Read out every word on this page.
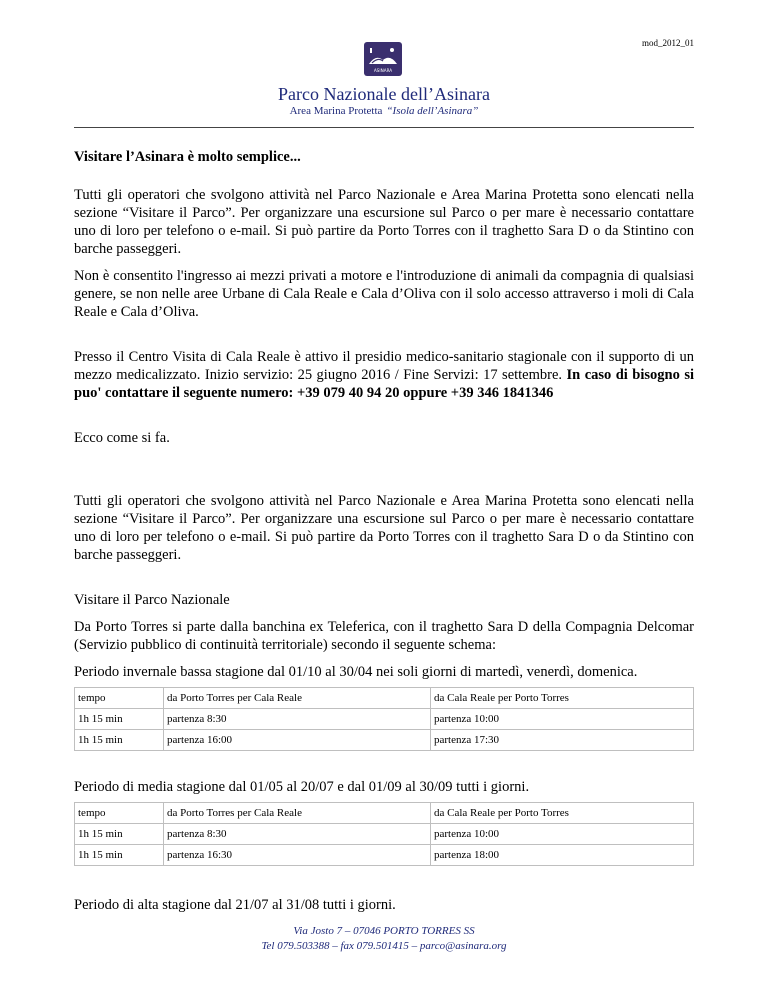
mod_2012_01
ASINARA
Parco Nazionale dell’Asinara
Area Marina Protetta “Isola dell’Asinara”

Visitare l’Asinara è molto semplice...

Tutti gli operatori che svolgono attività nel Parco Nazionale e Area Marina Protetta sono elencati nella sezione “Visitare il Parco”. Per organizzare una escursione sul Parco o per mare è necessario contattare uno di loro per telefono o e-mail. Si può partire da Porto Torres con il traghetto Sara D o da Stintino con barche passeggeri.

Non è consentito l'ingresso ai mezzi privati a motore e l'introduzione di animali da compagnia di qualsiasi genere, se non nelle aree Urbane di Cala Reale e Cala d’Oliva con il solo accesso attraverso i moli di Cala Reale e Cala d’Oliva.

Presso il Centro Visita di Cala Reale è attivo il presidio medico-sanitario stagionale con il supporto di un mezzo medicalizzato. Inizio servizio: 25 giugno 2016 / Fine Servizi: 17 settembre. In caso di bisogno si puo' contattare il seguente numero: +39 079 40 94 20 oppure +39 346 1841346

Ecco come si fa.

Tutti gli operatori che svolgono attività nel Parco Nazionale e Area Marina Protetta sono elencati nella sezione “Visitare il Parco”. Per organizzare una escursione sul Parco o per mare è necessario contattare uno di loro per telefono o e-mail. Si può partire da Porto Torres con il traghetto Sara D o da Stintino con barche passeggeri.

Visitare il Parco Nazionale

Da Porto Torres si parte dalla banchina ex Teleferica, con il traghetto Sara D della Compagnia Delcomar (Servizio pubblico di continuità territoriale) secondo il seguente schema:

Periodo invernale bassa stagione dal 01/10 al 30/04 nei soli giorni di martedì, venerdì, domenica.

tempo	da Porto Torres per Cala Reale	da Cala Reale per Porto Torres
1h 15 min	partenza 8:30	partenza 10:00
1h 15 min	partenza 16:00	partenza 17:30

Periodo di media stagione dal 01/05 al 20/07 e dal 01/09 al 30/09 tutti i giorni.

tempo	da Porto Torres per Cala Reale	da Cala Reale per Porto Torres
1h 15 min	partenza 8:30	partenza 10:00
1h 15 min	partenza 16:30	partenza 18:00

Periodo di alta stagione dal 21/07 al 31/08 tutti i giorni.

Via Josto 7 – 07046 PORTO TORRES SS
Tel 079.503388 – fax 079.501415 – parco@asinara.org
